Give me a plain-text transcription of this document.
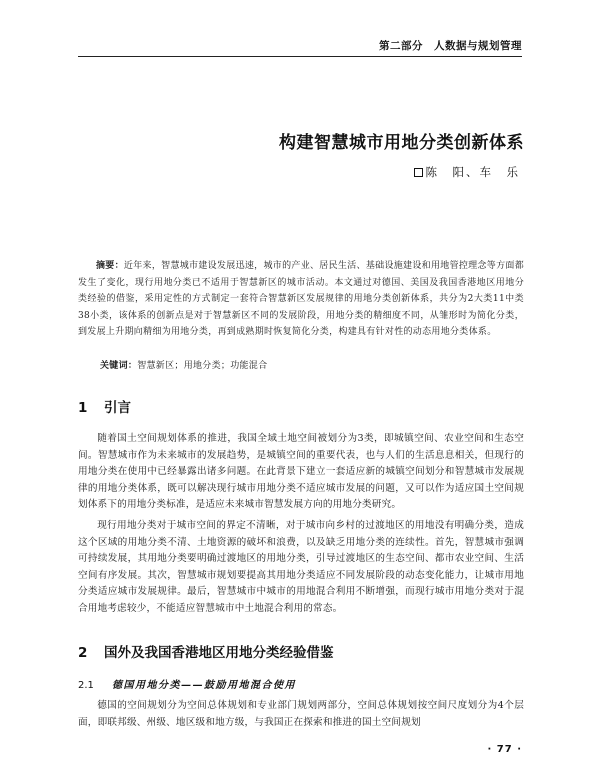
第二部分　人数据与规划管理
构建智慧城市用地分类创新体系
陈　阳、车　乐

摘要：近年来，智慧城市建设发展迅速，城市的产业、居民生活、基础设施建设和用地管控理念等方面都发生了变化，现行用地分类已不适用于智慧新区的城市活动。本文通过对德国、美国及我国香港地区用地分类经验的借鉴，采用定性的方式制定一套符合智慧新区发展规律的用地分类创新体系，共分为2大类11中类38小类，该体系的创新点是对于智慧新区不同的发展阶段，用地分类的精细度不同，从雏形时为简化分类，到发展上升期向精细为用地分类，再到成熟期时恢复简化分类，构建具有针对性的动态用地分类体系。

关键词：智慧新区；用地分类；功能混合
1 引言

随着国土空间规划体系的推进，我国全域土地空间被划分为3类，即城镇空间、农业空间和生态空间。智慧城市作为未来城市的发展趋势，是城镇空间的重要代表，也与人们的生活息息相关，但现行的用地分类在使用中已经暴露出诸多问题。在此背景下建立一套适应新的城镇空间划分和智慧城市发展规律的用地分类体系，既可以解决现行城市用地分类不适应城市发展的问题，又可以作为适应国土空间规划体系下的用地分类标准，是适应未来城市智慧发展方向的用地分类研究。

现行用地分类对于城市空间的界定不清晰，对于城市向乡村的过渡地区的用地没有明确分类，造成这个区域的用地分类不清、土地资源的破坏和浪费，以及缺乏用地分类的连续性。首先，智慧城市强调可持续发展，其用地分类要明确过渡地区的用地分类，引导过渡地区的生态空间、都市农业空间、生活空间有序发展。其次，智慧城市规划要提高其用地分类适应不同发展阶段的动态变化能力，让城市用地分类适应城市发展规律。最后，智慧城市中城市的用地混合利用不断增强，而现行城市用地分类对于混合用地考虑较少，不能适应智慧城市中土地混合利用的常态。

2 国外及我国香港地区用地分类经验借鉴
2.1 德国用地分类——鼓励用地混合使用

德国的空间规划分为空间总体规划和专业部门规划两部分，空间总体规划按空间尺度划分为4个层面，即联邦级、州级、地区级和地方级，与我国正在探索和推进的国土空间规划

· 77 ·
